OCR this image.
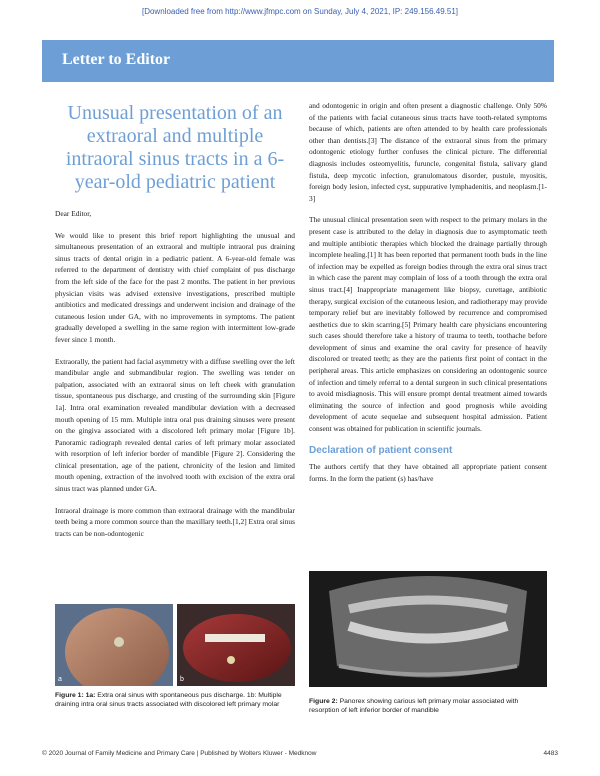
[Downloaded free from http://www.jfmpc.com on Sunday, July 4, 2021, IP: 249.156.49.51]
Letter to Editor
Unusual presentation of an extraoral and multiple intraoral sinus tracts in a 6-year-old pediatric patient

Dear Editor,

We would like to present this brief report highlighting the unusual and simultaneous presentation of an extraoral and multiple intraoral pus draining sinus tracts of dental origin in a pediatric patient. A 6-year-old female was referred to the department of dentistry with chief complaint of pus discharge from the left side of the face for the past 2 months. The patient in her previous physician visits was advised extensive investigations, prescribed multiple antibiotics and medicated dressings and underwent incision and drainage of the cutaneous lesion under GA, with no improvements in symptoms. The patient gradually developed a swelling in the same region with intermittent low-grade fever since 1 month.

Extraorally, the patient had facial asymmetry with a diffuse swelling over the left mandibular angle and submandibular region. The swelling was tender on palpation, associated with an extraoral sinus on left cheek with granulation tissue, spontaneous pus discharge, and crusting of the surrounding skin [Figure 1a]. Intra oral examination revealed mandibular deviation with a decreased mouth opening of 15 mm. Multiple intra oral pus draining sinuses were present on the gingiva associated with a discolored left primary molar [Figure 1b]. Panoramic radiograph revealed dental caries of left primary molar associated with resorption of left inferior border of mandible [Figure 2]. Considering the clinical presentation, age of the patient, chronicity of the lesion and limited mouth opening, extraction of the involved tooth with excision of the extra oral sinus tract was planned under GA.

Intraoral drainage is more common than extraoral drainage with the mandibular teeth being a more common source than the maxillary teeth.[1,2] Extra oral sinus tracts can be non-odontogenic

and odontogenic in origin and often present a diagnostic challenge. Only 50% of the patients with facial cutaneous sinus tracts have tooth-related symptoms because of which, patients are often attended to by health care professionals other than dentists.[3] The distance of the extraoral sinus from the primary odontogenic etiology further confuses the clinical picture. The differential diagnosis includes osteomyelitis, furuncle, congenital fistula, salivary gland fistula, deep mycotic infection, granulomatous disorder, pustule, myositis, foreign body lesion, infected cyst, suppurative lymphadenitis, and neoplasm.[1-3]

The unusual clinical presentation seen with respect to the primary molars in the present case is attributed to the delay in diagnosis due to asymptomatic teeth and multiple antibiotic therapies which blocked the drainage partially through incomplete healing.[1] It has been reported that permanent tooth buds in the line of infection may be expelled as foreign bodies through the extra oral sinus tract in which case the parent may complain of loss of a tooth through the extra oral sinus tract.[4] Inappropriate management like biopsy, curettage, antibiotic therapy, surgical excision of the cutaneous lesion, and radiotherapy may provide temporary relief but are inevitably followed by recurrence and compromised aesthetics due to skin scarring.[5] Primary health care physicians encountering such cases should therefore take a history of trauma to teeth, toothache before development of sinus and examine the oral cavity for presence of heavily discolored or treated teeth; as they are the patients first point of contact in the peripheral areas. This article emphasizes on considering an odontogenic source of infection and timely referral to a dental surgeon in such clinical presentations to avoid misdiagnosis. This will ensure prompt dental treatment aimed towards eliminating the source of infection and good prognosis while avoiding development of acute sequelae and subsequent hospital admission. Patient consent was obtained for publication in scientific journals.

Declaration of patient consent

The authors certify that they have obtained all appropriate patient consent forms. In the form the patient (s) has/have

a	b
Figure 1: 1a: Extra oral sinus with spontaneous pus discharge. 1b: Multiple draining intra oral sinus tracts associated with discolored left primary molar	Figure 2: Panorex showing carious left primary molar associated with resorption of left inferior border of mandible
© 2020 Journal of Family Medicine and Primary Care | Published by Wolters Kluwer - Medknow	4483
